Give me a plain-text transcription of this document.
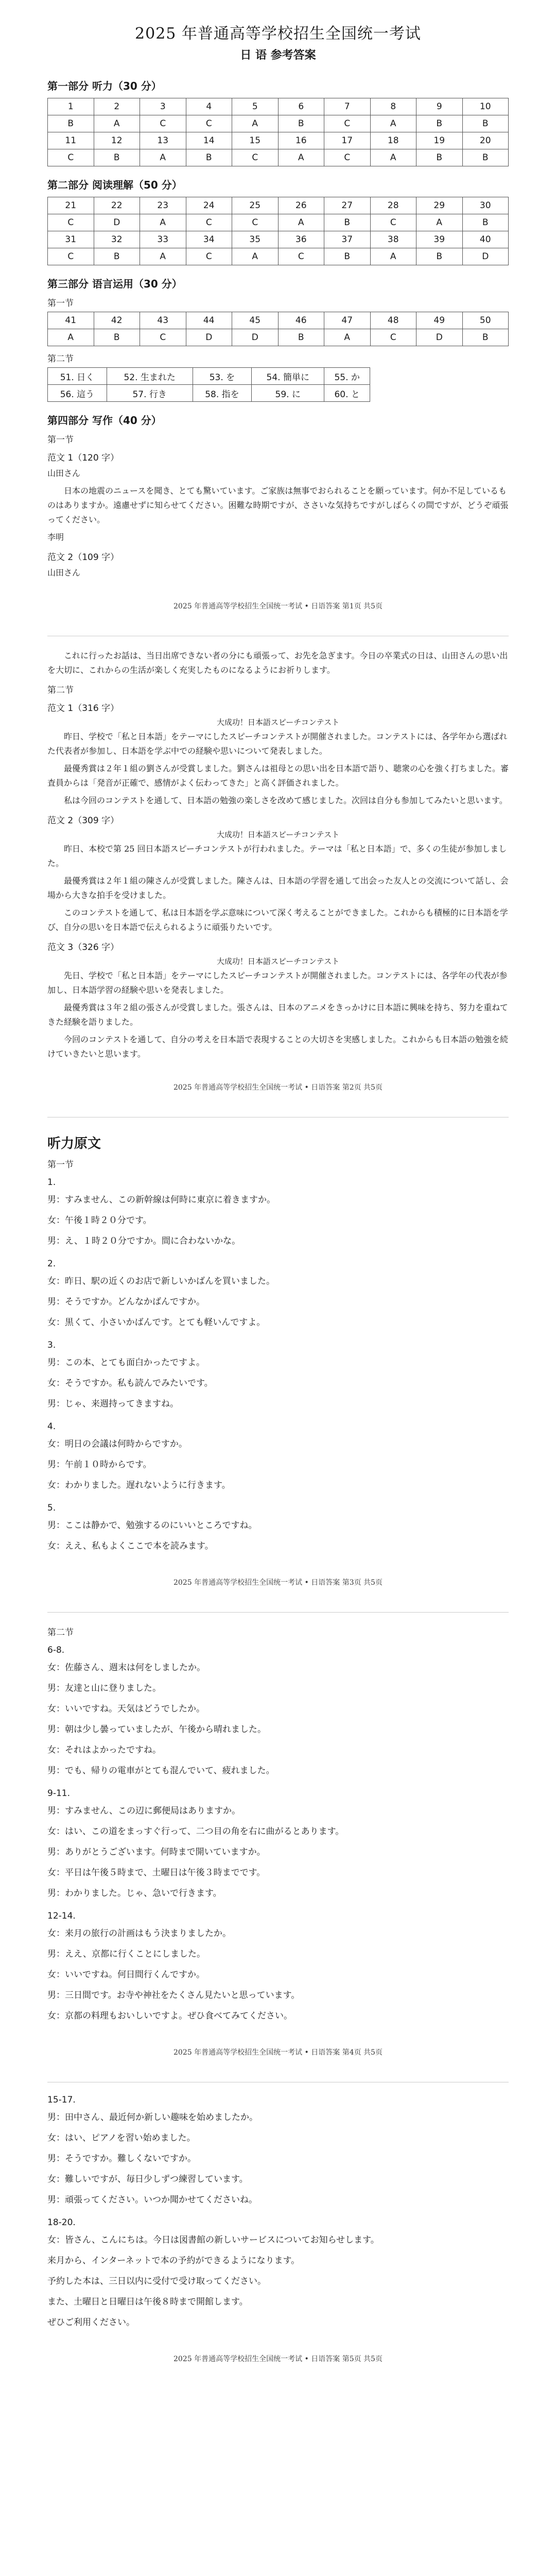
2025 年普通高等学校招生全国统一考试
日 语 参考答案
第一部分 听力（30 分）
1	2	3	4	5	6	7	8	9	10
B	A	C	C	A	B	C	A	B	B
11	12	13	14	15	16	17	18	19	20
C	B	A	B	C	A	C	A	B	B
第二部分 阅读理解（50 分）
21	22	23	24	25	26	27	28	29	30
C	D	A	C	C	A	B	C	A	B
31	32	33	34	35	36	37	38	39	40
C	B	A	C	A	C	B	A	B	D
第三部分 语言运用（30 分）
第一节
41	42	43	44	45	46	47	48	49	50
A	B	C	D	D	B	A	C	D	B
第二节
51. 日く	52. 生まれた	53. を	54. 簡単に	55. か
56. 這う	57. 行き	58. 指を	59. に	60. と
第四部分 写作（40 分）
第一节
范文 1（120 字）
山田さん
日本の地震のニュースを聞き、とても驚いています。ご家族は無事でおられることを願っています。何か不足しているものはありますか。遠慮せずに知らせてください。困難な時期ですが、ささいな気持ちですがしばらくの間ですが、どうぞ頑張ってください。
李明
范文 2（109 字）
山田さん
2025 年普通高等学校招生全国统一考试 • 日语答案 第1页 共5页
これに行ったお話は、当日出席できない者の分にも頑張って、お先を急ぎます。今日の卒業式の日は、山田さんの思い出を大切に、これからの生活が楽しく充実したものになるようにお祈りします。
第二节
范文 1（316 字）
大成功！日本語スピーチコンテスト
昨日、学校で「私と日本語」をテーマにしたスピーチコンテストが開催されました。コンテストには、各学年から選ばれた代表者が参加し、日本語を学ぶ中での経験や思いについて発表しました。
最優秀賞は２年１組の劉さんが受賞しました。劉さんは祖母との思い出を日本語で語り、聴衆の心を強く打ちました。審査員からは「発音が正確で、感情がよく伝わってきた」と高く評価されました。
私は今回のコンテストを通して、日本語の勉強の楽しさを改めて感じました。次回は自分も参加してみたいと思います。
范文 2（309 字）
大成功！日本語スピーチコンテスト
昨日、本校で第 25 回日本語スピーチコンテストが行われました。テーマは「私と日本語」で、多くの生徒が参加しました。
最優秀賞は２年１組の陳さんが受賞しました。陳さんは、日本語の学習を通して出会った友人との交流について話し、会場から大きな拍手を受けました。
このコンテストを通して、私は日本語を学ぶ意味について深く考えることができました。これからも積極的に日本語を学び、自分の思いを日本語で伝えられるように頑張りたいです。
范文 3（326 字）
大成功！日本語スピーチコンテスト
先日、学校で「私と日本語」をテーマにしたスピーチコンテストが開催されました。コンテストには、各学年の代表が参加し、日本語学習の経験や思いを発表しました。
最優秀賞は３年２組の張さんが受賞しました。張さんは、日本のアニメをきっかけに日本語に興味を持ち、努力を重ねてきた経験を語りました。
今回のコンテストを通して、自分の考えを日本語で表現することの大切さを実感しました。これからも日本語の勉強を続けていきたいと思います。
2025 年普通高等学校招生全国统一考试 • 日语答案 第2页 共5页
听力原文
第一节
1.
男：すみません、この新幹線は何時に東京に着きますか。
女：午後１時２０分です。
男：え、１時２０分ですか。間に合わないかな。
2.
女：昨日、駅の近くのお店で新しいかばんを買いました。
男：そうですか。どんなかばんですか。
女：黒くて、小さいかばんです。とても軽いんですよ。
3.
男：この本、とても面白かったですよ。
女：そうですか。私も読んでみたいです。
男：じゃ、来週持ってきますね。
4.
女：明日の会議は何時からですか。
男：午前１０時からです。
女：わかりました。遅れないように行きます。
5.
男：ここは静かで、勉強するのにいいところですね。
女：ええ、私もよくここで本を読みます。
2025 年普通高等学校招生全国统一考试 • 日语答案 第3页 共5页
第二节
6-8.
女：佐藤さん、週末は何をしましたか。
男：友達と山に登りました。
女：いいですね。天気はどうでしたか。
男：朝は少し曇っていましたが、午後から晴れました。
女：それはよかったですね。
男：でも、帰りの電車がとても混んでいて、疲れました。
9-11.
男：すみません、この辺に郵便局はありますか。
女：はい、この道をまっすぐ行って、二つ目の角を右に曲がるとあります。
男：ありがとうございます。何時まで開いていますか。
女：平日は午後５時まで、土曜日は午後３時までです。
男：わかりました。じゃ、急いで行きます。
12-14.
女：来月の旅行の計画はもう決まりましたか。
男：ええ、京都に行くことにしました。
女：いいですね。何日間行くんですか。
男：三日間です。お寺や神社をたくさん見たいと思っています。
女：京都の料理もおいしいですよ。ぜひ食べてみてください。
2025 年普通高等学校招生全国统一考试 • 日语答案 第4页 共5页
15-17.
男：田中さん、最近何か新しい趣味を始めましたか。
女：はい、ピアノを習い始めました。
男：そうですか。難しくないですか。
女：難しいですが、毎日少しずつ練習しています。
男：頑張ってください。いつか聞かせてくださいね。
18-20.
女：皆さん、こんにちは。今日は図書館の新しいサービスについてお知らせします。
来月から、インターネットで本の予約ができるようになります。
予約した本は、三日以内に受付で受け取ってください。
また、土曜日と日曜日は午後８時まで開館します。
ぜひご利用ください。
2025 年普通高等学校招生全国统一考试 • 日语答案 第5页 共5页
